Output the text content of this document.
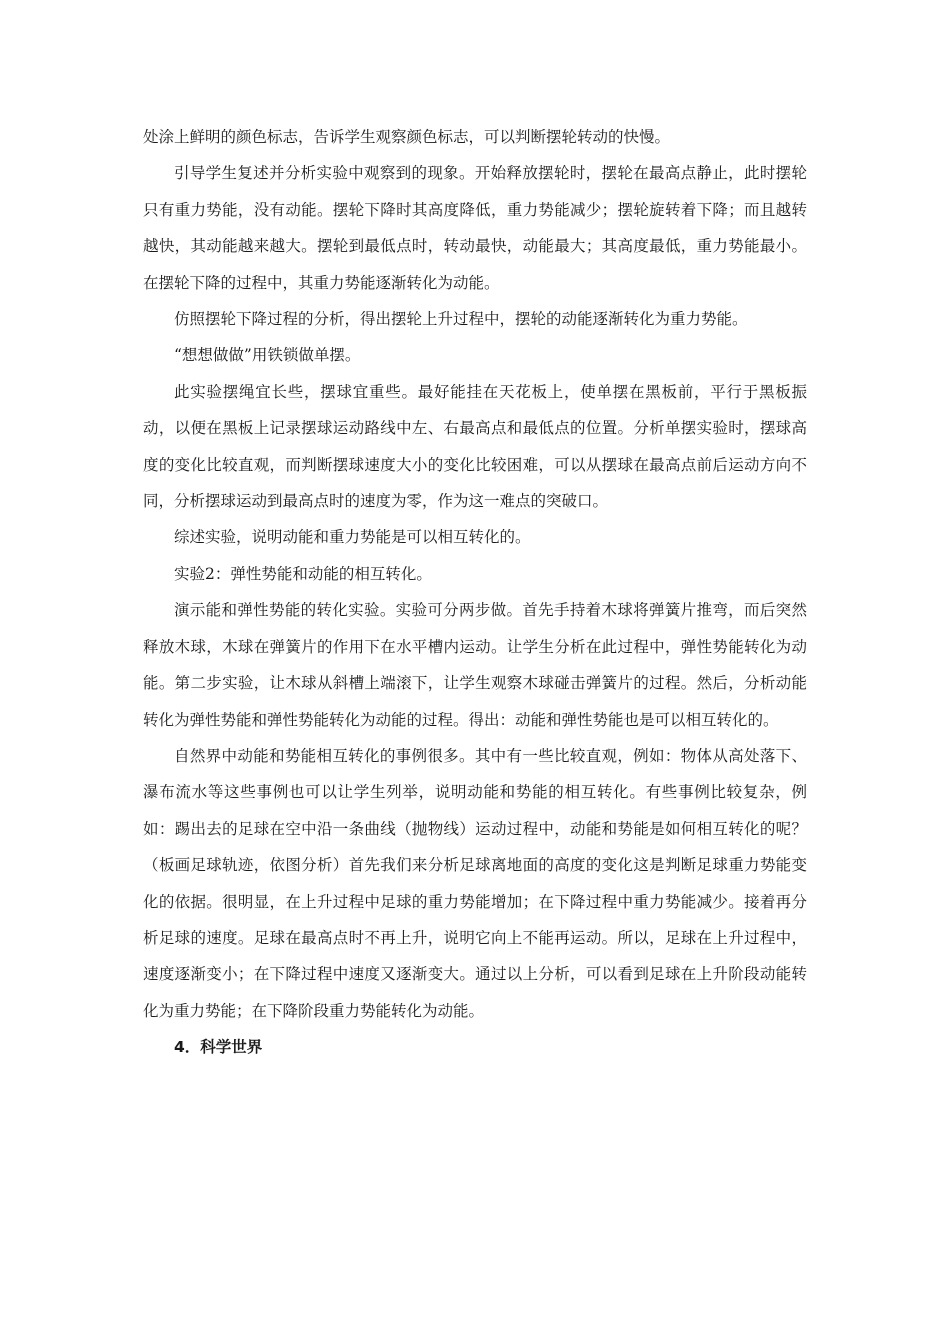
处涂上鲜明的颜色标志，告诉学生观察颜色标志，可以判断摆轮转动的快慢。

引导学生复述并分析实验中观察到的现象。开始释放摆轮时，摆轮在最高点静止，此时摆轮只有重力势能，没有动能。摆轮下降时其高度降低，重力势能减少；摆轮旋转着下降；而且越转越快，其动能越来越大。摆轮到最低点时，转动最快，动能最大；其高度最低，重力势能最小。在摆轮下降的过程中，其重力势能逐渐转化为动能。

仿照摆轮下降过程的分析，得出摆轮上升过程中，摆轮的动能逐渐转化为重力势能。

“想想做做”用铁锁做单摆。

此实验摆绳宜长些，摆球宜重些。最好能挂在天花板上，使单摆在黑板前，平行于黑板振动，以便在黑板上记录摆球运动路线中左、右最高点和最低点的位置。分析单摆实验时，摆球高度的变化比较直观，而判断摆球速度大小的变化比较困难，可以从摆球在最高点前后运动方向不同，分析摆球运动到最高点时的速度为零，作为这一难点的突破口。

综述实验，说明动能和重力势能是可以相互转化的。

实验2：弹性势能和动能的相互转化。

演示能和弹性势能的转化实验。实验可分两步做。首先手持着木球将弹簧片推弯，而后突然释放木球，木球在弹簧片的作用下在水平槽内运动。让学生分析在此过程中，弹性势能转化为动能。第二步实验，让木球从斜槽上端滚下，让学生观察木球碰击弹簧片的过程。然后，分析动能转化为弹性势能和弹性势能转化为动能的过程。得出：动能和弹性势能也是可以相互转化的。

自然界中动能和势能相互转化的事例很多。其中有一些比较直观，例如：物体从高处落下、瀑布流水等这些事例也可以让学生列举，说明动能和势能的相互转化。有些事例比较复杂，例如：踢出去的足球在空中沿一条曲线（抛物线）运动过程中，动能和势能是如何相互转化的呢？（板画足球轨迹，依图分析）首先我们来分析足球离地面的高度的变化这是判断足球重力势能变化的依据。很明显，在上升过程中足球的重力势能增加；在下降过程中重力势能减少。接着再分析足球的速度。足球在最高点时不再上升，说明它向上不能再运动。所以，足球在上升过程中，速度逐渐变小；在下降过程中速度又逐渐变大。通过以上分析，可以看到足球在上升阶段动能转化为重力势能；在下降阶段重力势能转化为动能。

4．科学世界
